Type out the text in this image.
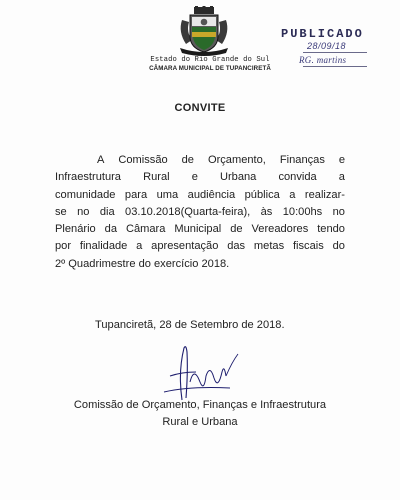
Estado do Rio Grande do Sul
CÂMARA MUNICIPAL DE TUPANCIRETÃ
PUBLICADO
28/09/18
RG. martins
CONVITE
A Comissão de Orçamento, Finanças e
Infraestrutura Rural e Urbana convida a
comunidade para uma audiência pública a realizar-
se no dia 03.10.2018(Quarta-feira), às 10:00hs no
Plenário da Câmara Municipal de Vereadores tendo
por finalidade a apresentação das metas fiscais do
2º Quadrimestre do exercício 2018.
Tupanciretã, 28 de Setembro de 2018.
Comissão de Orçamento, Finanças e Infraestrutura
Rural e Urbana
